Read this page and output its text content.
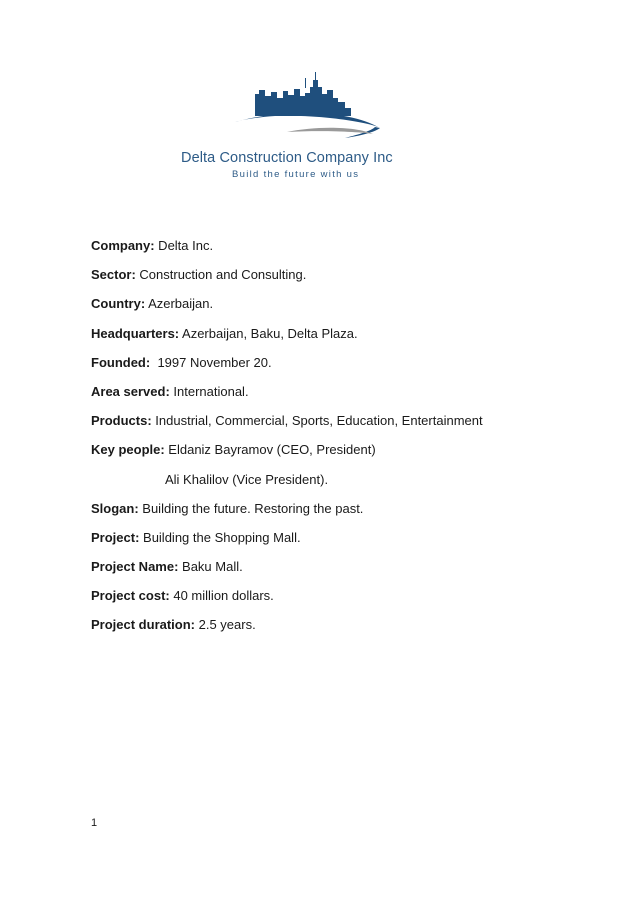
Delta Construction Company Inc
Build the future with us
Company: Delta Inc.
Sector: Construction and Consulting.
Country: Azerbaijan.
Headquarters: Azerbaijan, Baku, Delta Plaza.
Founded:  1997 November 20.
Area served: International.
Products: Industrial, Commercial, Sports, Education, Entertainment
Key people: Eldaniz Bayramov (CEO, President)
Ali Khalilov (Vice President).
Slogan: Building the future. Restoring the past.
Project: Building the Shopping Mall.
Project Name: Baku Mall.
Project cost: 40 million dollars.
Project duration: 2.5 years.
1
